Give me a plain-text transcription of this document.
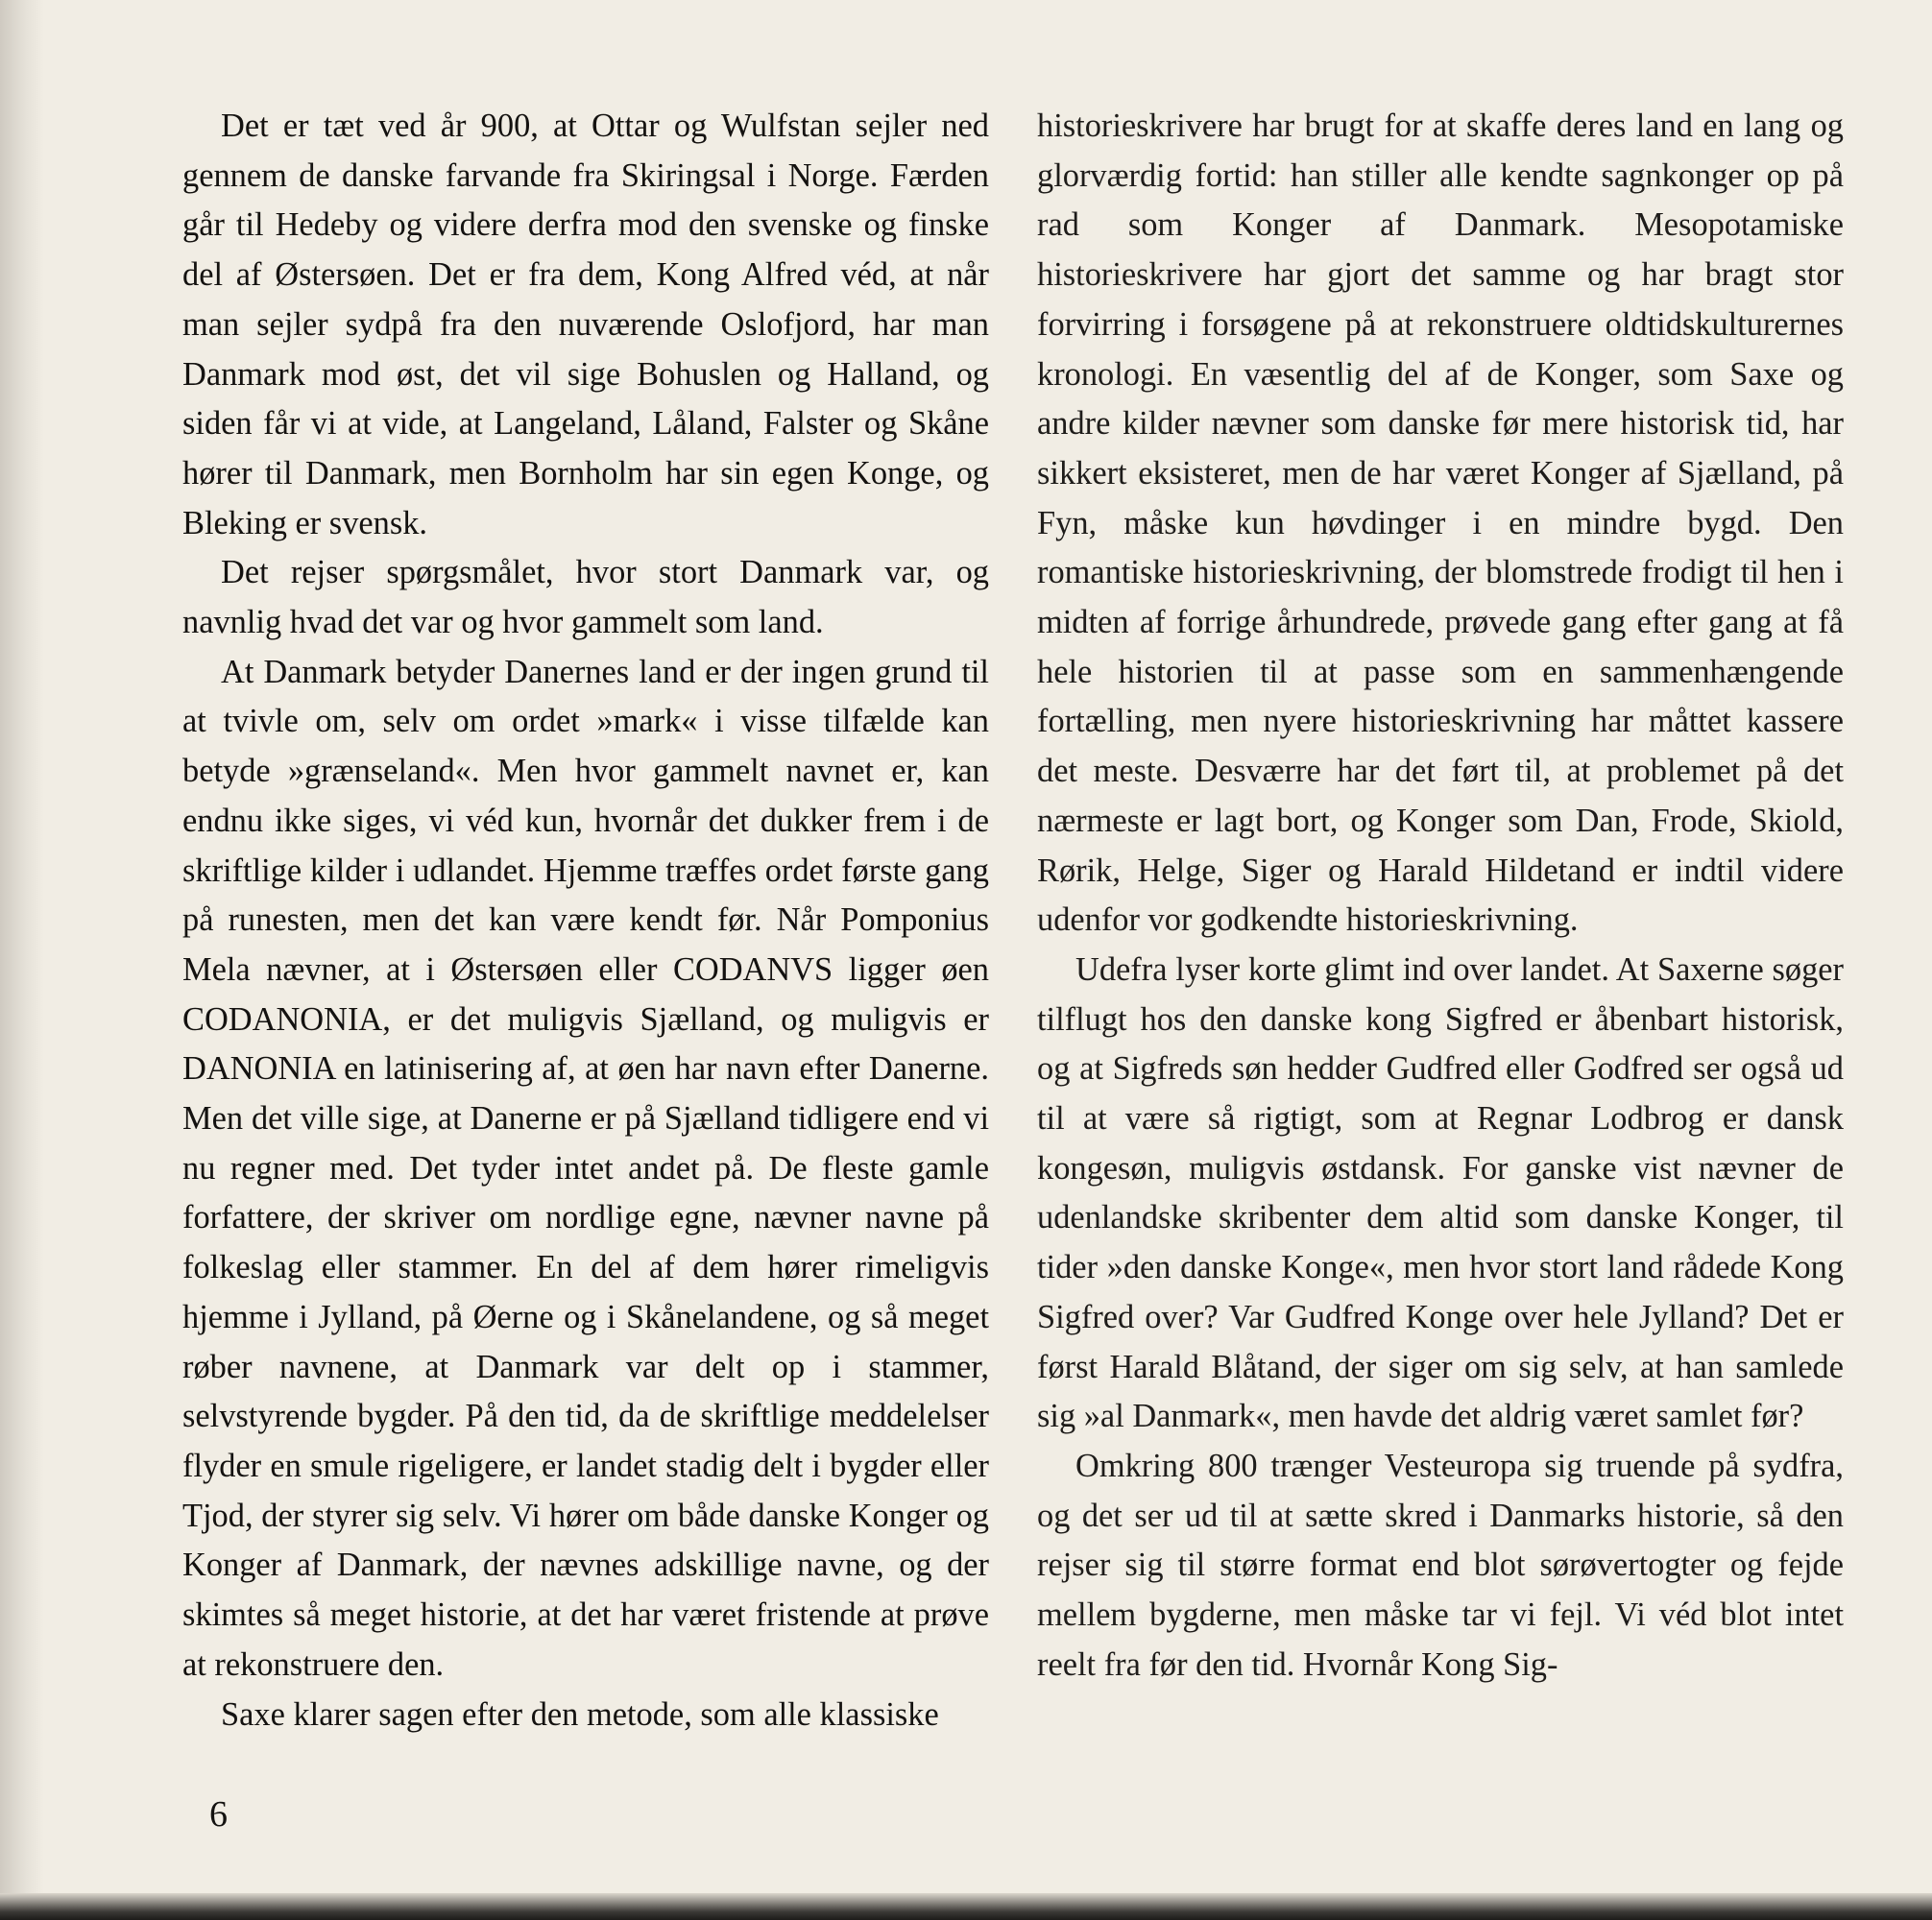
Det er tæt ved år 900, at Ottar og Wulfstan sejler ned gennem de danske farvande fra Skiringsal i Norge. Færden går til Hedeby og videre derfra mod den svenske og finske del af Østersøen. Det er fra dem, Kong Alfred véd, at når man sejler sydpå fra den nuværende Oslofjord, har man Danmark mod øst, det vil sige Bohuslen og Halland, og siden får vi at vide, at Langeland, Låland, Falster og Skåne hører til Danmark, men Bornholm har sin egen Konge, og Bleking er svensk.

Det rejser spørgsmålet, hvor stort Danmark var, og navnlig hvad det var og hvor gammelt som land.

At Danmark betyder Danernes land er der ingen grund til at tvivle om, selv om ordet »mark« i visse tilfælde kan betyde »grænseland«. Men hvor gammelt navnet er, kan endnu ikke siges, vi véd kun, hvornår det dukker frem i de skriftlige kilder i udlandet. Hjemme træffes ordet første gang på runesten, men det kan være kendt før. Når Pomponius Mela nævner, at i Østersøen eller CODANVS ligger øen CODANONIA, er det muligvis Sjælland, og muligvis er DANONIA en latinisering af, at øen har navn efter Danerne. Men det ville sige, at Danerne er på Sjælland tidligere end vi nu regner med. Det tyder intet andet på. De fleste gamle forfattere, der skriver om nordlige egne, nævner navne på folkeslag eller stammer. En del af dem hører rimeligvis hjemme i Jylland, på Øerne og i Skånelandene, og så meget røber navnene, at Danmark var delt op i stammer, selvstyrende bygder. På den tid, da de skriftlige meddelelser flyder en smule rigeligere, er landet stadig delt i bygder eller Tjod, der styrer sig selv. Vi hører om både danske Konger og Konger af Danmark, der nævnes adskillige navne, og der skimtes så meget historie, at det har været fristende at prøve at rekonstruere den.

Saxe klarer sagen efter den metode, som alle klassiske

historieskrivere har brugt for at skaffe deres land en lang og glorværdig fortid: han stiller alle kendte sagnkonger op på rad som Konger af Danmark. Mesopotamiske historieskrivere har gjort det samme og har bragt stor forvirring i forsøgene på at rekonstruere oldtidskulturernes kronologi. En væsentlig del af de Konger, som Saxe og andre kilder nævner som danske før mere historisk tid, har sikkert eksisteret, men de har været Konger af Sjælland, på Fyn, måske kun høvdinger i en mindre bygd. Den romantiske historieskrivning, der blomstrede frodigt til hen i midten af forrige århundrede, prøvede gang efter gang at få hele historien til at passe som en sammenhængende fortælling, men nyere historieskrivning har måttet kassere det meste. Desværre har det ført til, at problemet på det nærmeste er lagt bort, og Konger som Dan, Frode, Skiold, Rørik, Helge, Siger og Harald Hildetand er indtil videre udenfor vor godkendte historieskrivning.

Udefra lyser korte glimt ind over landet. At Saxerne søger tilflugt hos den danske kong Sigfred er åbenbart historisk, og at Sigfreds søn hedder Gudfred eller Godfred ser også ud til at være så rigtigt, som at Regnar Lodbrog er dansk kongesøn, muligvis østdansk. For ganske vist nævner de udenlandske skribenter dem altid som danske Konger, til tider »den danske Konge«, men hvor stort land rådede Kong Sigfred over? Var Gudfred Konge over hele Jylland? Det er først Harald Blåtand, der siger om sig selv, at han samlede sig »al Danmark«, men havde det aldrig været samlet før?

Omkring 800 trænger Vesteuropa sig truende på sydfra, og det ser ud til at sætte skred i Danmarks historie, så den rejser sig til større format end blot sørøvertogter og fejde mellem bygderne, men måske tar vi fejl. Vi véd blot intet reelt fra før den tid. Hvornår Kong Sig-

6
